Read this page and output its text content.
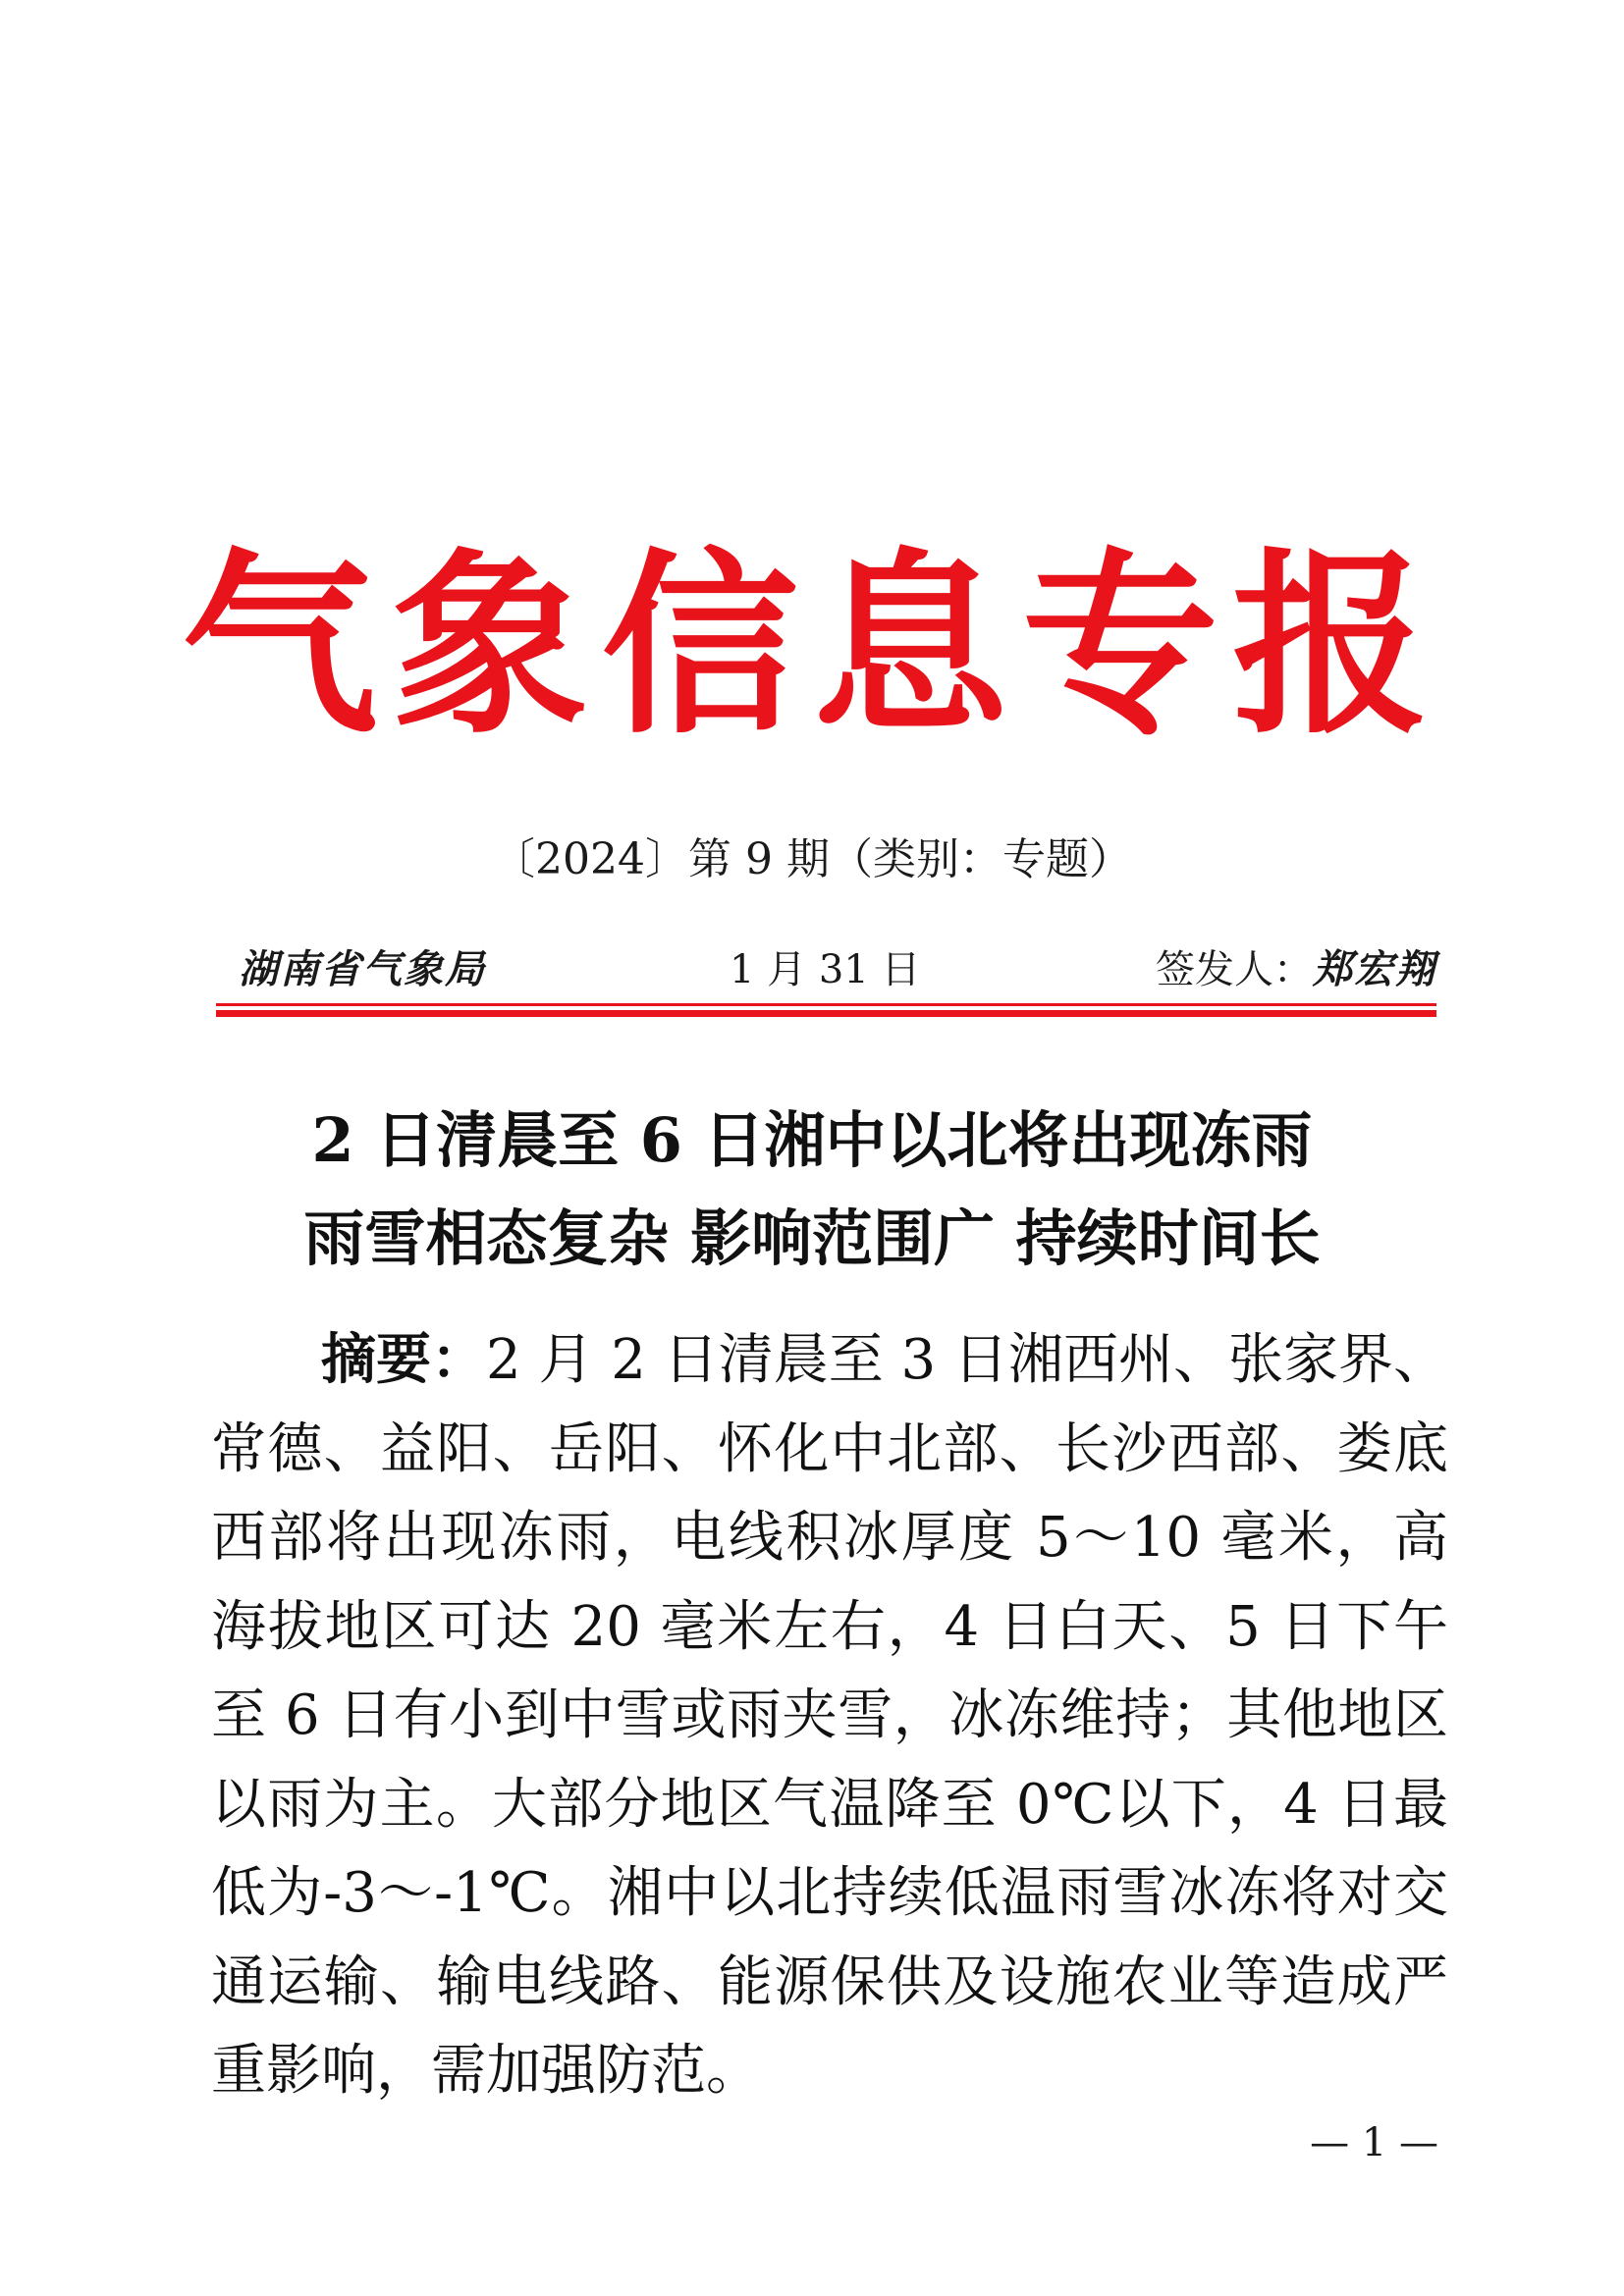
气象信息专报
〔2024〕第 9 期（类别：专题）
湖南省气象局	1 月 31 日	签发人：郑宏翔
2 日清晨至 6 日湘中以北将出现冻雨
雨雪相态复杂 影响范围广 持续时间长
摘要：2 月 2 日清晨至 3 日湘西州、张家界、常德、益阳、岳阳、怀化中北部、长沙西部、娄底西部将出现冻雨，电线积冰厚度 5～10 毫米，高海拔地区可达 20 毫米左右，4 日白天、5 日下午至 6 日有小到中雪或雨夹雪，冰冻维持；其他地区以雨为主。大部分地区气温降至 0℃以下，4 日最低为-3～-1℃。湘中以北持续低温雨雪冰冻将对交通运输、输电线路、能源保供及设施农业等造成严重影响，需加强防范。
— 1 —
